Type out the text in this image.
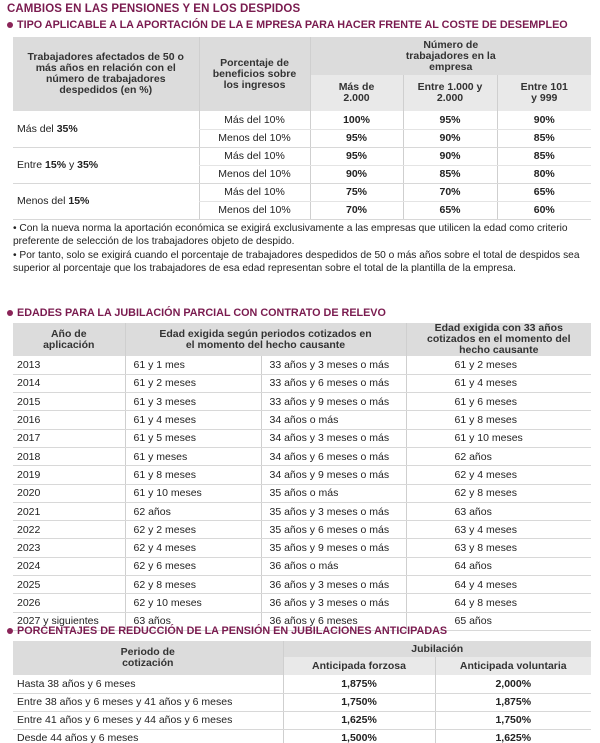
CAMBIOS EN LAS PENSIONES Y EN LOS DESPIDOS
TIPO APLICABLE A LA APORTACIÓN DE LA E MPRESA PARA HACER FRENTE AL COSTE DE DESEMPLEO
Trabajadores afectados de 50 o más años en relación con el número de trabajadores despedidos (en %)	Porcentaje de beneficios sobre los ingresos	Número de trabajadores en la empresa		
		Más de 2.000	Entre 1.000 y 2.000	Entre 101 y 999
Más del 35%	Más del 10%	100%	95%	90%
	Menos del 10%	95%	90%	85%
Entre 15% y 35%	Más del 10%	95%	90%	85%
	Menos del 10%	90%	85%	80%
Menos del 15%	Más del 10%	75%	70%	65%
	Menos del 10%	70%	65%	60%

• Con la nueva norma la aportación económica se exigirá exclusivamente a las empresas que utilicen la edad como criterio preferente de selección de los trabajadores objeto de despido.

• Por tanto, solo se exigirá cuando el porcentaje de trabajadores despedidos de 50 o más años sobre el total de despidos sea superior al porcentaje que los trabajadores de esa edad representan sobre el total de la plantilla de la empresa.

EDADES PARA LA JUBILACIÓN PARCIAL CON CONTRATO DE RELEVO
Año de aplicación	Edad exigida según periodos cotizados en el momento del hecho causante		Edad exigida con 33 años cotizados en el momento del hecho causante
2013	61 y 1 mes	33 años y 3 meses o más	61 y 2 meses
2014	61 y 2 meses	33 años y 6 meses o más	61 y 4 meses
2015	61 y 3 meses	33 años y 9 meses o más	61 y 6 meses
2016	61 y 4 meses	34 años o más	61 y 8 meses
2017	61 y 5 meses	34 años y 3 meses o más	61 y 10 meses
2018	61 y meses	34 años y 6 meses o más	62 años
2019	61 y 8 meses	34 años y 9 meses o más	62 y 4 meses
2020	61 y 10 meses	35 años o más	62 y 8 meses
2021	62 años	35 años y 3 meses o más	63 años
2022	62 y 2 meses	35 años y 6 meses o más	63 y 4 meses
2023	62 y 4 meses	35 años y 9 meses o más	63 y 8 meses
2024	62 y 6 meses	36 años o más	64 años
2025	62 y 8 meses	36 años y 3 meses o más	64 y 4 meses
2026	62 y 10 meses	36 años y 3 meses o más	64 y 8 meses
2027 y siguientes	63 años	36 años y 6 meses	65 años
PORCENTAJES DE REDUCCIÓN DE LA PENSIÓN EN JUBILACIONES ANTICIPADAS
Periodo de cotización	Jubilación	
	Anticipada forzosa	Anticipada voluntaria
Hasta 38 años y 6 meses	1,875%	2,000%
Entre 38 años y 6 meses y 41 años y 6 meses	1,750%	1,875%
Entre 41 años y 6 meses y 44 años y 6 meses	1,625%	1,750%
Desde 44 años y 6 meses	1,500%	1,625%
